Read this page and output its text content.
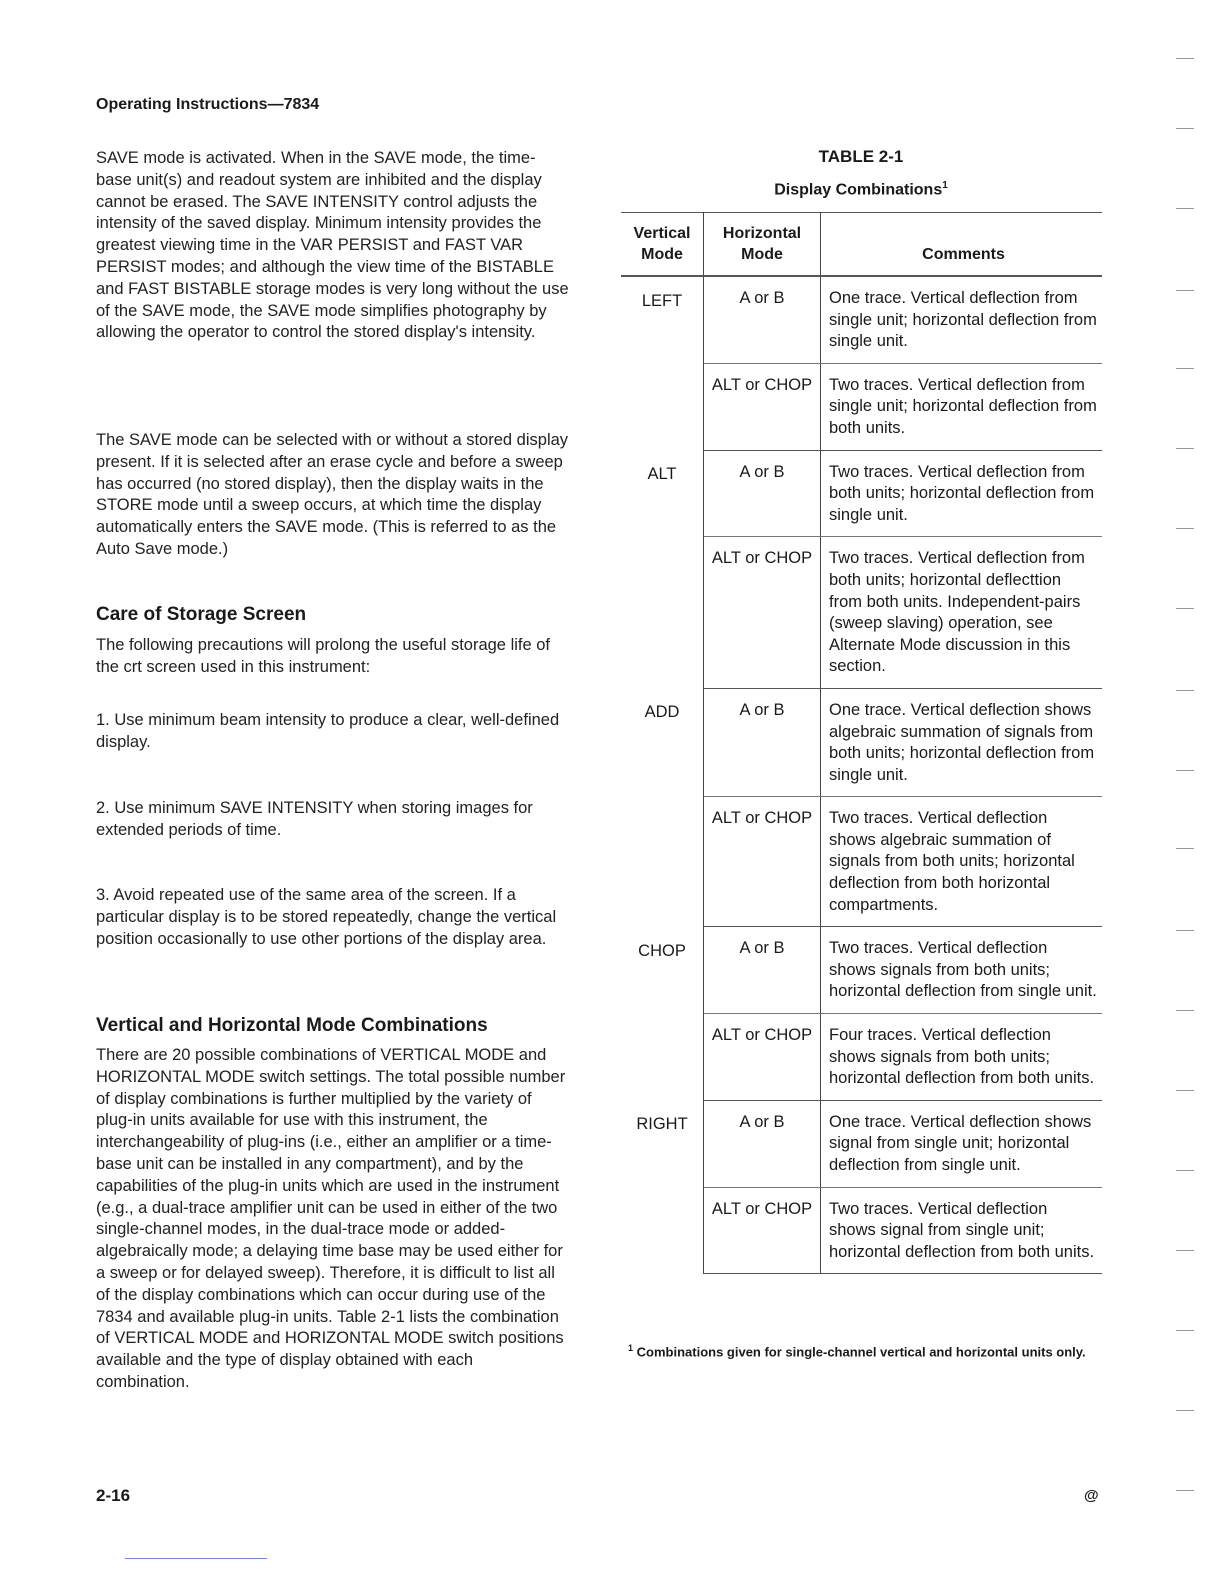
Operating Instructions—7834

SAVE mode is activated. When in the SAVE mode, the time-base unit(s) and readout system are inhibited and the display cannot be erased. The SAVE INTENSITY control adjusts the intensity of the saved display. Minimum intensity provides the greatest viewing time in the VAR PERSIST and FAST VAR PERSIST modes; and although the view time of the BISTABLE and FAST BISTABLE storage modes is very long without the use of the SAVE mode, the SAVE mode simplifies photography by allowing the operator to control the stored display's intensity.

The SAVE mode can be selected with or without a stored display present. If it is selected after an erase cycle and before a sweep has occurred (no stored display), then the display waits in the STORE mode until a sweep occurs, at which time the display automatically enters the SAVE mode. (This is referred to as the Auto Save mode.)

Care of Storage Screen

The following precautions will prolong the useful storage life of the crt screen used in this instrument:

1. Use minimum beam intensity to produce a clear, well-defined display.

2. Use minimum SAVE INTENSITY when storing images for extended periods of time.

3. Avoid repeated use of the same area of the screen. If a particular display is to be stored repeatedly, change the vertical position occasionally to use other portions of the display area.

Vertical and Horizontal Mode Combinations

There are 20 possible combinations of VERTICAL MODE and HORIZONTAL MODE switch settings. The total possible number of display combinations is further multiplied by the variety of plug-in units available for use with this instrument, the interchangeability of plug-ins (i.e., either an amplifier or a time-base unit can be installed in any compartment), and by the capabilities of the plug-in units which are used in the instrument (e.g., a dual-trace amplifier unit can be used in either of the two single-channel modes, in the dual-trace mode or added-algebraically mode; a delaying time base may be used either for a sweep or for delayed sweep). Therefore, it is difficult to list all of the display combinations which can occur during use of the 7834 and available plug-in units. Table 2-1 lists the combination of VERTICAL MODE and HORIZONTAL MODE switch positions available and the type of display obtained with each combination.

TABLE 2-1
Display Combinations$^1$
Vertical Mode	Horizontal Mode	Comments
LEFT	A or B	One trace. Vertical deflection from single unit; horizontal deflection from single unit.
	ALT or CHOP	Two traces. Vertical deflection from single unit; horizontal deflection from both units.
ALT	A or B	Two traces. Vertical deflection from both units; horizontal deflection from single unit.
	ALT or CHOP	Two traces. Vertical deflection from both units; horizontal deflecttion from both units. Independent-pairs (sweep slaving) operation, see Alternate Mode discussion in this section.
ADD	A or B	One trace. Vertical deflection shows algebraic summation of signals from both units; horizontal deflection from single unit.
	ALT or CHOP	Two traces. Vertical deflection shows algebraic summation of signals from both units; horizontal deflection from both horizontal compartments.
CHOP	A or B	Two traces. Vertical deflection shows signals from both units; horizontal deflection from single unit.
	ALT or CHOP	Four traces. Vertical deflection shows signals from both units; horizontal deflection from both units.
RIGHT	A or B	One trace. Vertical deflection shows signal from single unit; horizontal deflection from single unit.
	ALT or CHOP	Two traces. Vertical deflection shows signal from single unit; horizontal deflection from both units.
$^1$ Combinations given for single-channel vertical and horizontal units only.
2-16	@
